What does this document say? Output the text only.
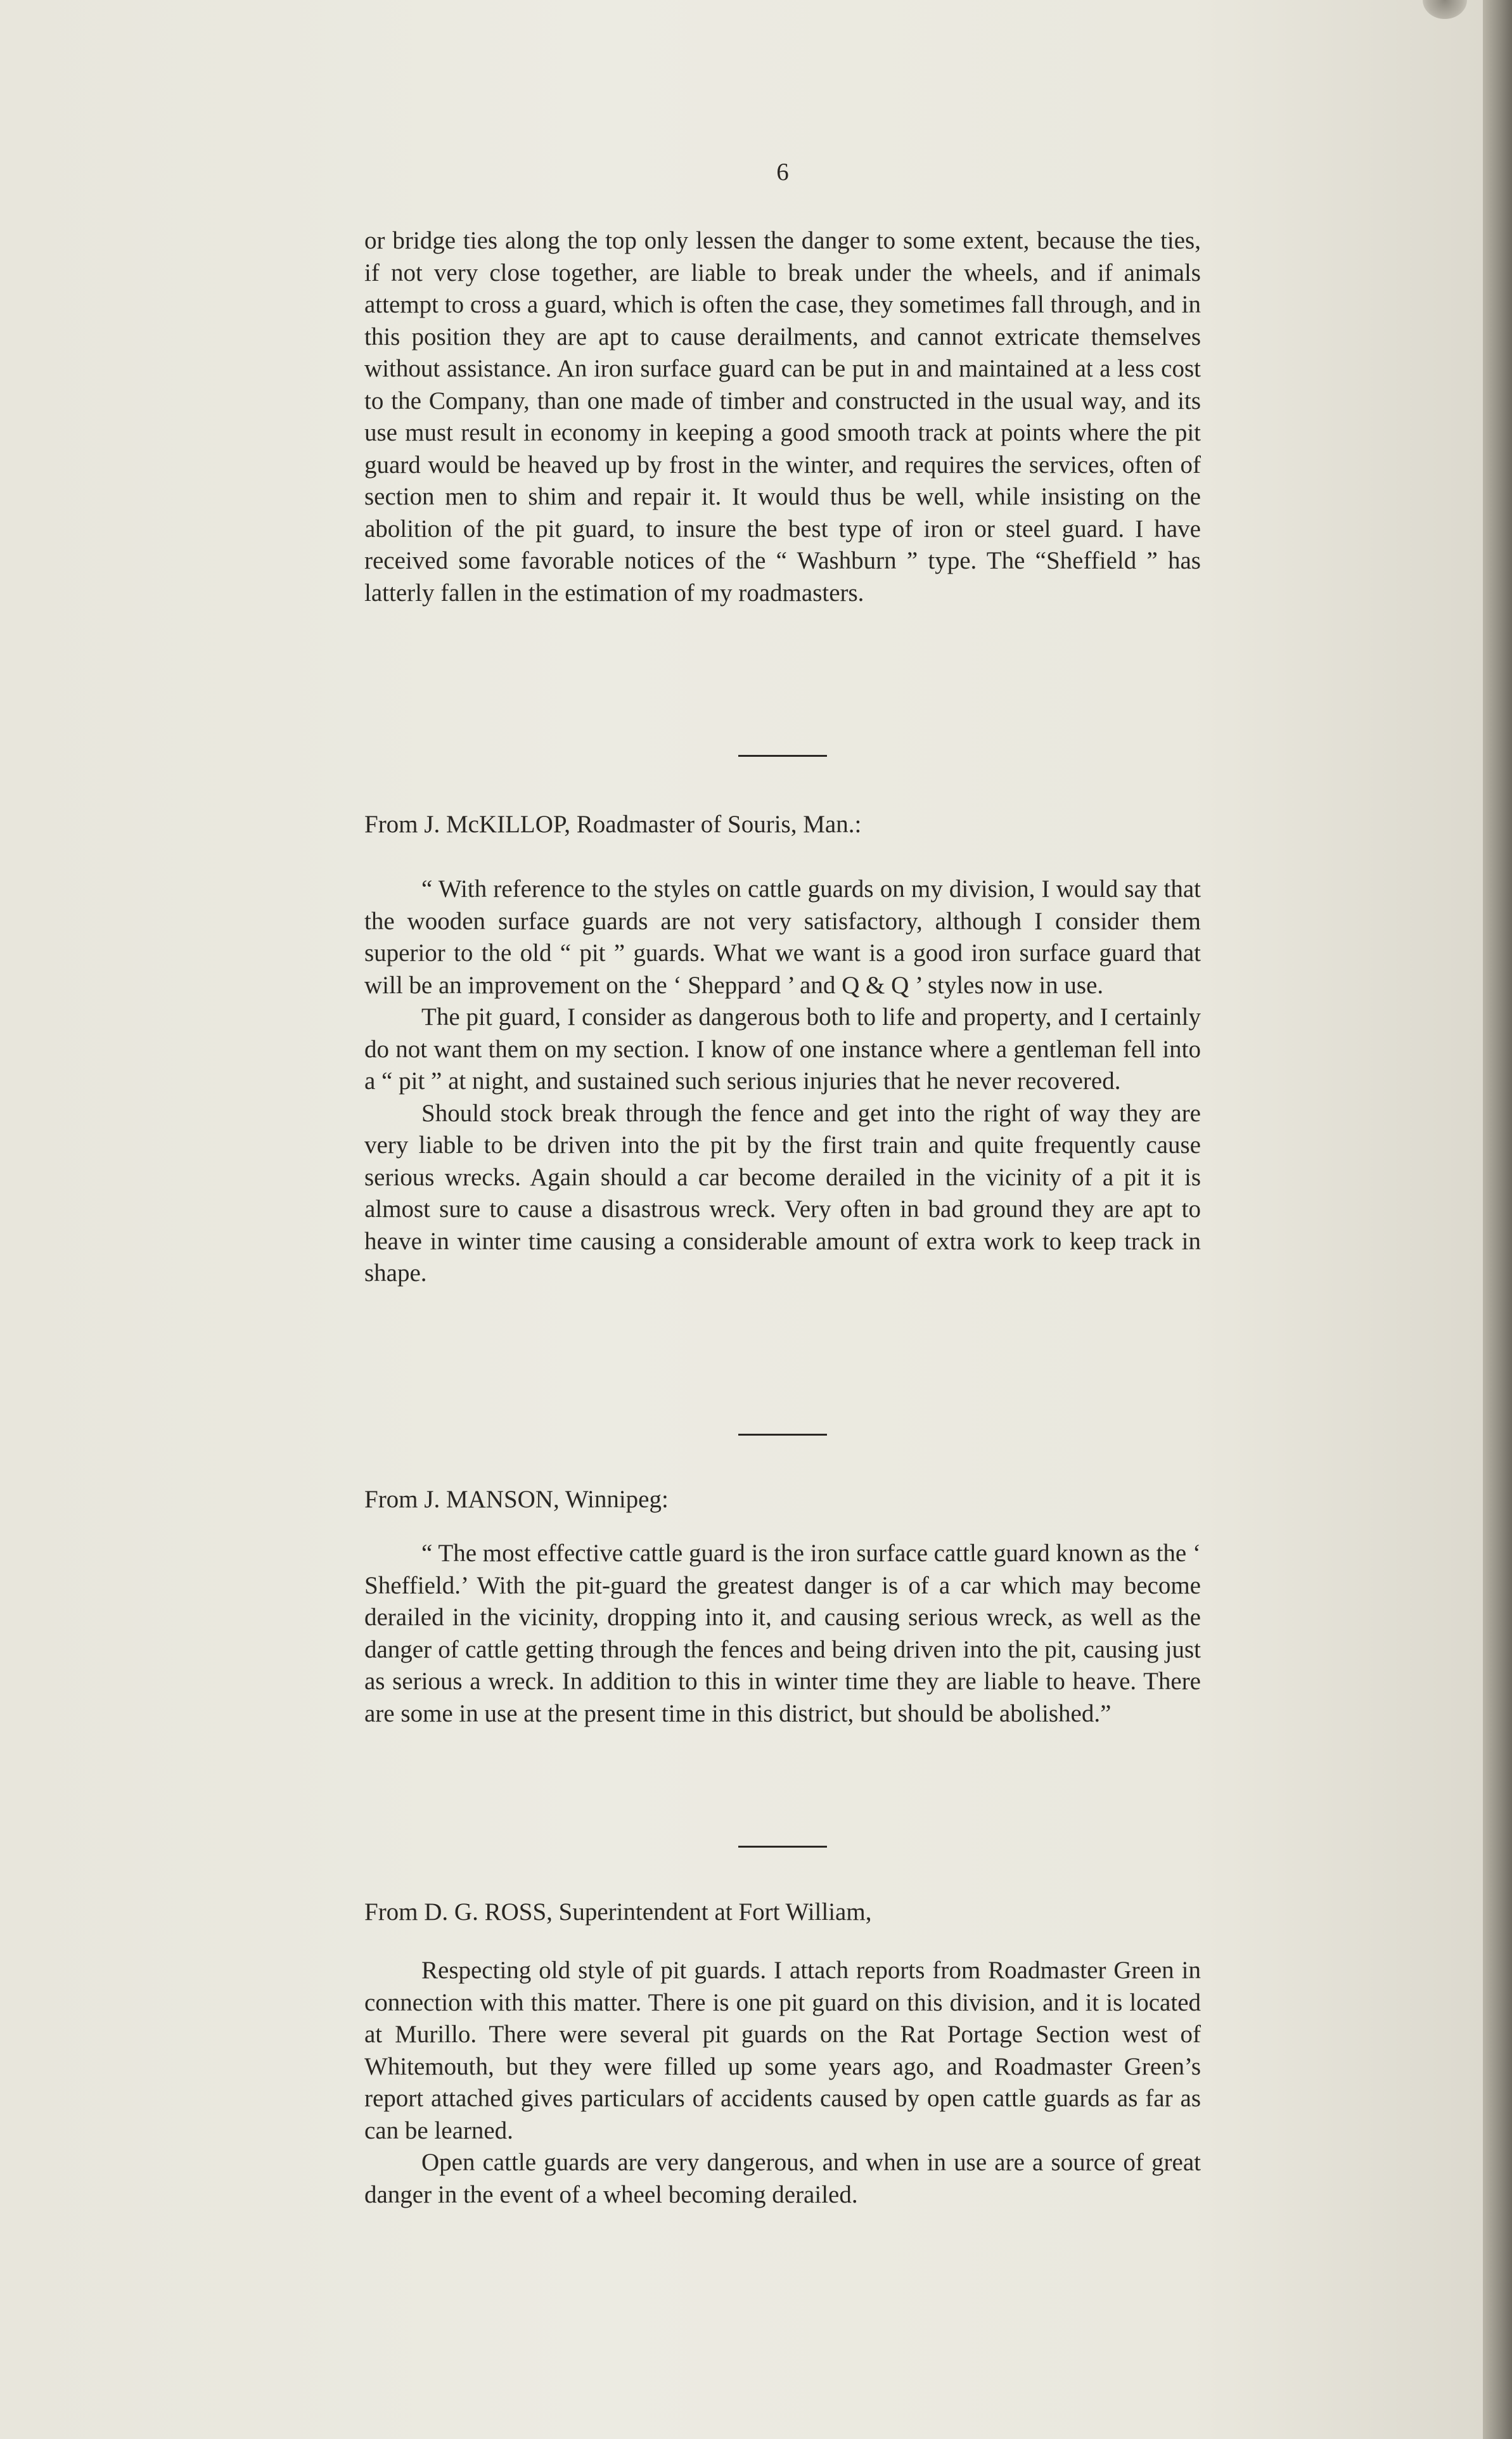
6

or bridge ties along the top only lessen the danger to some extent, because the ties, if not very close together, are liable to break under the wheels, and if animals attempt to cross a guard, which is often the case, they sometimes fall through, and in this position they are apt to cause derailments, and cannot extricate themselves without assistance. An iron surface guard can be put in and maintained at a less cost to the Company, than one made of timber and constructed in the usual way, and its use must result in economy in keeping a good smooth track at points where the pit guard would be heaved up by frost in the winter, and requires the services, often of section men to shim and repair it. It would thus be well, while insisting on the abolition of the pit guard, to insure the best type of iron or steel guard. I have received some favorable notices of the “ Washburn ” type. The “Sheffield ” has latterly fallen in the estimation of my roadmasters.

From J. McKILLOP, Roadmaster of Souris, Man.:

“ With reference to the styles on cattle guards on my division, I would say that the wooden surface guards are not very satisfactory, although I consider them superior to the old “ pit ” guards. What we want is a good iron surface guard that will be an improvement on the ‘ Sheppard ’ and Q & Q ’ styles now in use.

The pit guard, I consider as dangerous both to life and property, and I certainly do not want them on my section. I know of one instance where a gentleman fell into a “ pit ” at night, and sustained such serious injuries that he never recovered.

Should stock break through the fence and get into the right of way they are very liable to be driven into the pit by the first train and quite frequently cause serious wrecks. Again should a car become derailed in the vicinity of a pit it is almost sure to cause a disastrous wreck. Very often in bad ground they are apt to heave in winter time causing a considerable amount of extra work to keep track in shape.

From J. MANSON, Winnipeg:

“ The most effective cattle guard is the iron surface cattle guard known as the ‘ Sheffield.’ With the pit-guard the greatest danger is of a car which may become derailed in the vicinity, dropping into it, and causing serious wreck, as well as the danger of cattle getting through the fences and being driven into the pit, causing just as serious a wreck. In addition to this in winter time they are liable to heave. There are some in use at the present time in this district, but should be abolished.”

From D. G. ROSS, Superintendent at Fort William,

Respecting old style of pit guards. I attach reports from Roadmaster Green in connection with this matter. There is one pit guard on this division, and it is located at Murillo. There were several pit guards on the Rat Portage Section west of Whitemouth, but they were filled up some years ago, and Roadmaster Green’s report attached gives particulars of accidents caused by open cattle guards as far as can be learned.

Open cattle guards are very dangerous, and when in use are a source of great danger in the event of a wheel becoming derailed.
